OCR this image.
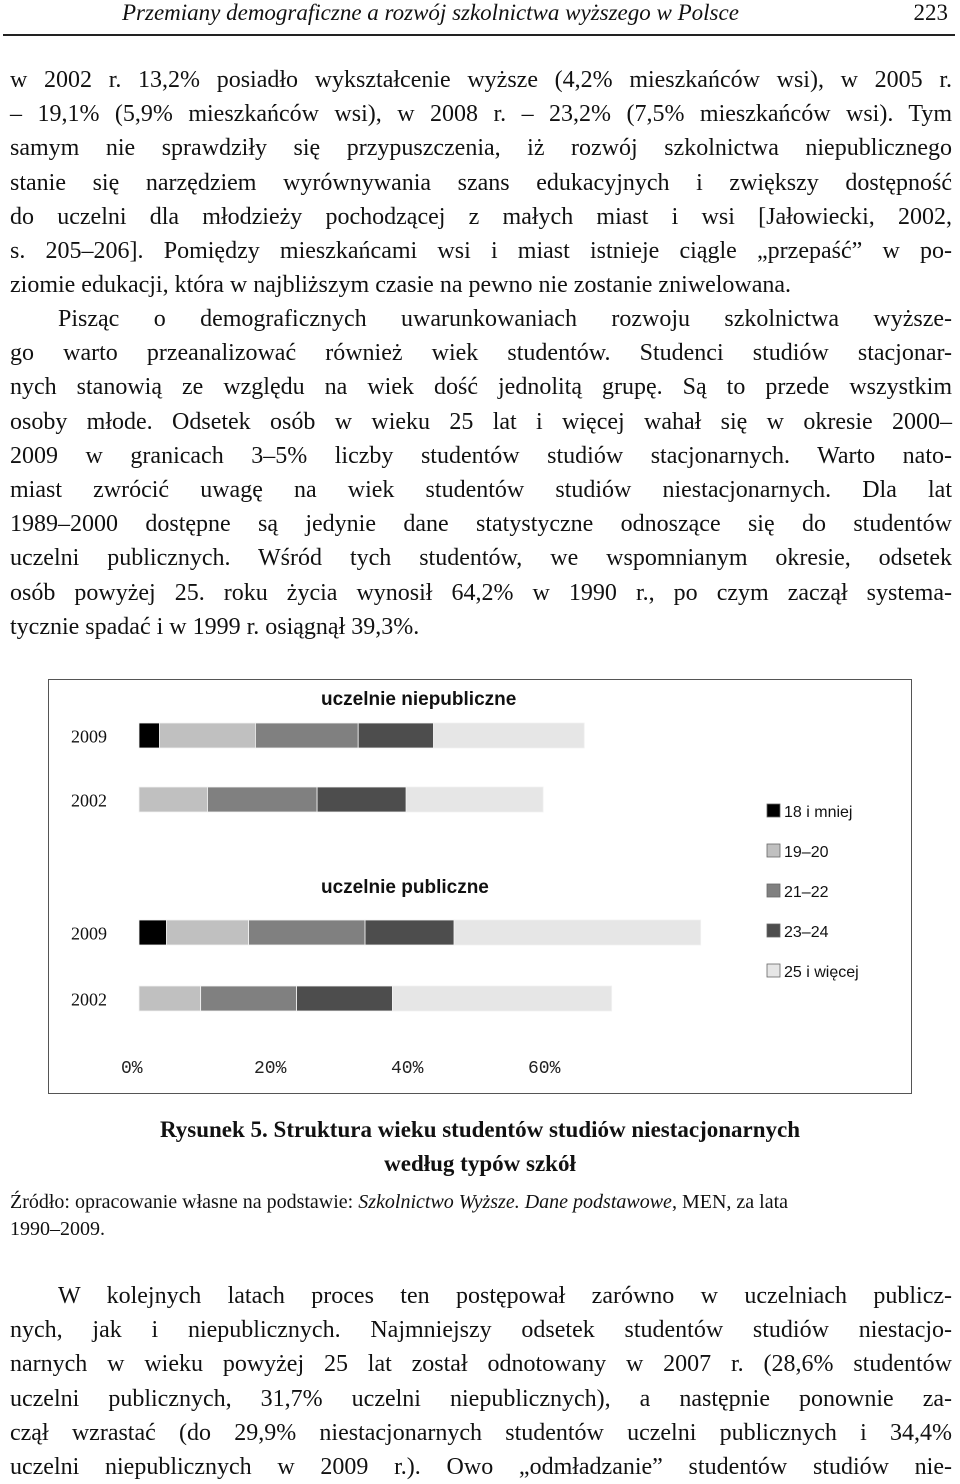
Przemiany demograficzne a rozwój szkolnictwa wyższego w Polsce	223
w 2002 r. 13,2% posiadło wykształcenie wyższe (4,2% mieszkańców wsi), w 2005 r.
– 19,1% (5,9% mieszkańców wsi), w 2008 r. – 23,2% (7,5% mieszkańców wsi). Tym
samym nie sprawdziły się przypuszczenia, iż rozwój szkolnictwa niepublicznego
stanie się narzędziem wyrównywania szans edukacyjnych i zwiększy dostępność
do uczelni dla młodzieży pochodzącej z małych miast i wsi [Jałowiecki, 2002,
s. 205–206]. Pomiędzy mieszkańcami wsi i miast istnieje ciągle „przepaść” w po-
ziomie edukacji, która w najbliższym czasie na pewno nie zostanie zniwelowana.
Pisząc o demograficznych uwarunkowaniach rozwoju szkolnictwa wyższe-
go warto przeanalizować również wiek studentów. Studenci studiów stacjonar-
nych stanowią ze względu na wiek dość jednolitą grupę. Są to przede wszystkim
osoby młode. Odsetek osób w wieku 25 lat i więcej wahał się w okresie 2000–
2009 w granicach 3–5% liczby studentów studiów stacjonarnych. Warto nato-
miast zwrócić uwagę na wiek studentów studiów niestacjonarnych. Dla lat
1989–2000 dostępne są jedynie dane statystyczne odnoszące się do studentów
uczelni publicznych. Wśród tych studentów, we wspomnianym okresie, odsetek
osób powyżej 25. roku życia wynosił 64,2% w 1990 r., po czym zaczął systema-
tycznie spadać i w 1999 r. osiągnął 39,3%.
uczelnie niepubliczne
uczelnie publiczne
2009
2002
2009
2002
0%	20%	40%	60%
18 i mniej
19–20
21–22
23–24
25 i więcej
Rysunek 5. Struktura wieku studentów studiów niestacjonarnych
według typów szkół
Źródło: opracowanie własne na podstawie: Szkolnictwo Wyższe. Dane podstawowe, MEN, za lata
1990–2009.
W kolejnych latach proces ten postępował zarówno w uczelniach publicz-
nych, jak i niepublicznych. Najmniejszy odsetek studentów studiów niestacjo-
narnych w wieku powyżej 25 lat został odnotowany w 2007 r. (28,6% studentów
uczelni publicznych, 31,7% uczelni niepublicznych), a następnie ponownie za-
czął wzrastać (do 29,9% niestacjonarnych studentów uczelni publicznych i 34,4%
uczelni niepublicznych w 2009 r.). Owo „odmładzanie” studentów studiów nie-
